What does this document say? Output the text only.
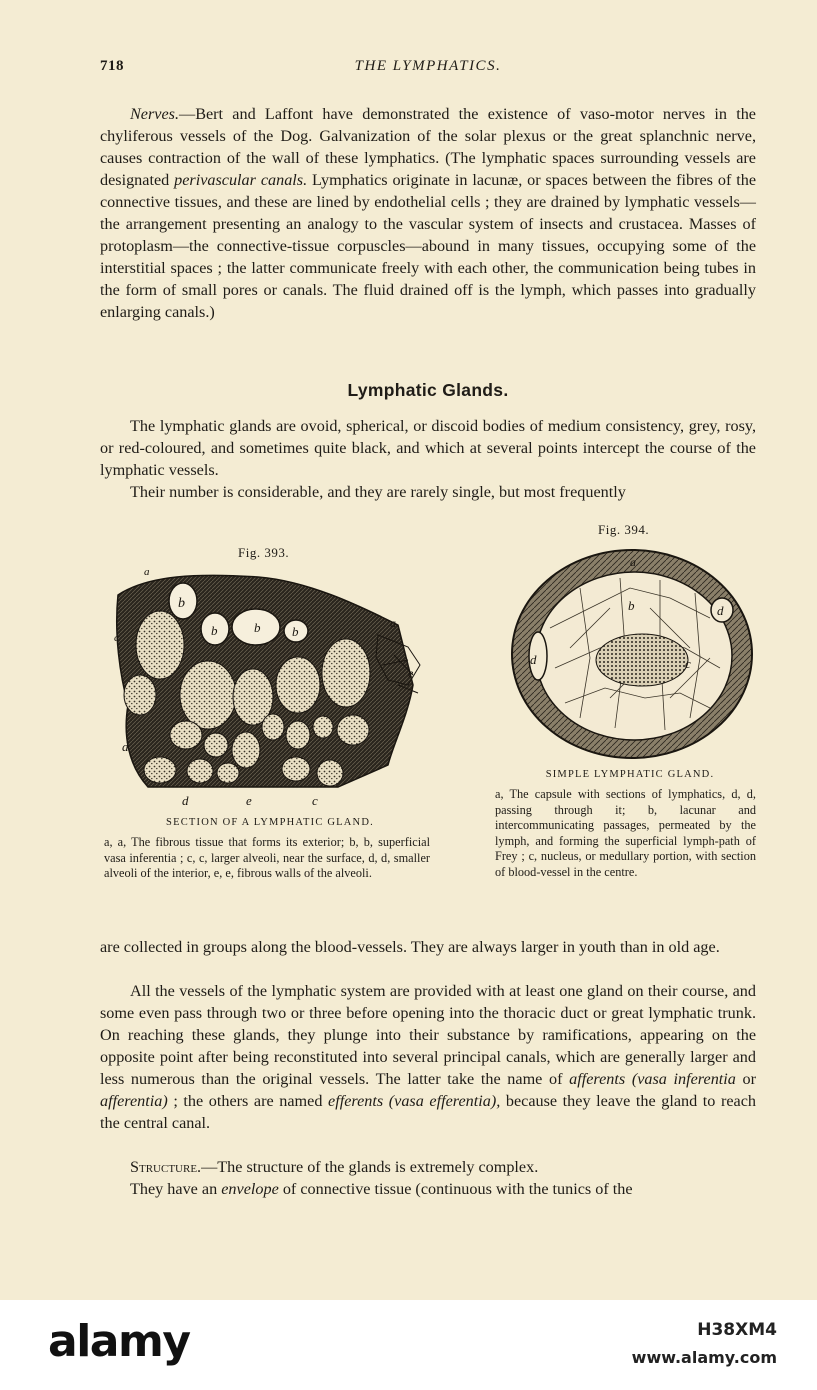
718	THE LYMPHATICS.

Nerves.—Bert and Laffont have demonstrated the existence of vaso-motor nerves in the chyliferous vessels of the Dog. Galvanization of the solar plexus or the great splanchnic nerve, causes contraction of the wall of these lymphatics. (The lymphatic spaces surrounding vessels are designated perivascular canals. Lymphatics originate in lacunæ, or spaces between the fibres of the connective tissues, and these are lined by endothelial cells ; they are drained by lymphatic vessels—the arrangement presenting an analogy to the vascular system of insects and crustacea. Masses of protoplasm—the connective-tissue corpuscles—abound in many tissues, occupying some of the interstitial spaces ; the latter communicate freely with each other, the communication being tubes in the form of small pores or canals. The fluid drained off is the lymph, which passes into gradually enlarging canals.)

Lymphatic Glands.

The lymphatic glands are ovoid, spherical, or discoid bodies of medium consistency, grey, rosy, or red-coloured, and sometimes quite black, and which at several points intercept the course of the lymphatic vessels.

Their number is considerable, and they are rarely single, but most frequently

Fig. 393.
b
b	b b
a
a
c
d
e
d	e	c
SECTION OF A LYMPHATIC GLAND.
a, a, The fibrous tissue that forms its exterior; b, b, superficial vasa inferentia ; c, c, larger alveoli, near the surface, d, d, smaller alveoli of the interior, e, e, fibrous walls of the alveoli.
Fig. 394.
a
b
c
d
d
SIMPLE LYMPHATIC GLAND.
a, The capsule with sections of lymphatics, d, d, passing through it; b, lacunar and intercommunicating passages, permeated by the lymph, and forming the superficial lymph-path of Frey ; c, nucleus, or medullary portion, with section of blood-vessel in the centre.

are collected in groups along the blood-vessels. They are always larger in youth than in old age.

All the vessels of the lymphatic system are provided with at least one gland on their course, and some even pass through two or three before opening into the thoracic duct or great lymphatic trunk. On reaching these glands, they plunge into their substance by ramifications, appearing on the opposite point after being reconstituted into several principal canals, which are generally larger and less numerous than the original vessels. The latter take the name of afferents (vasa inferentia or afferentia) ; the others are named efferents (vasa efferentia), because they leave the gland to reach the central canal.

Structure.—The structure of the glands is extremely complex.

They have an envelope of connective tissue (continuous with the tunics of the

alamy	H38XM4
www.alamy.com
